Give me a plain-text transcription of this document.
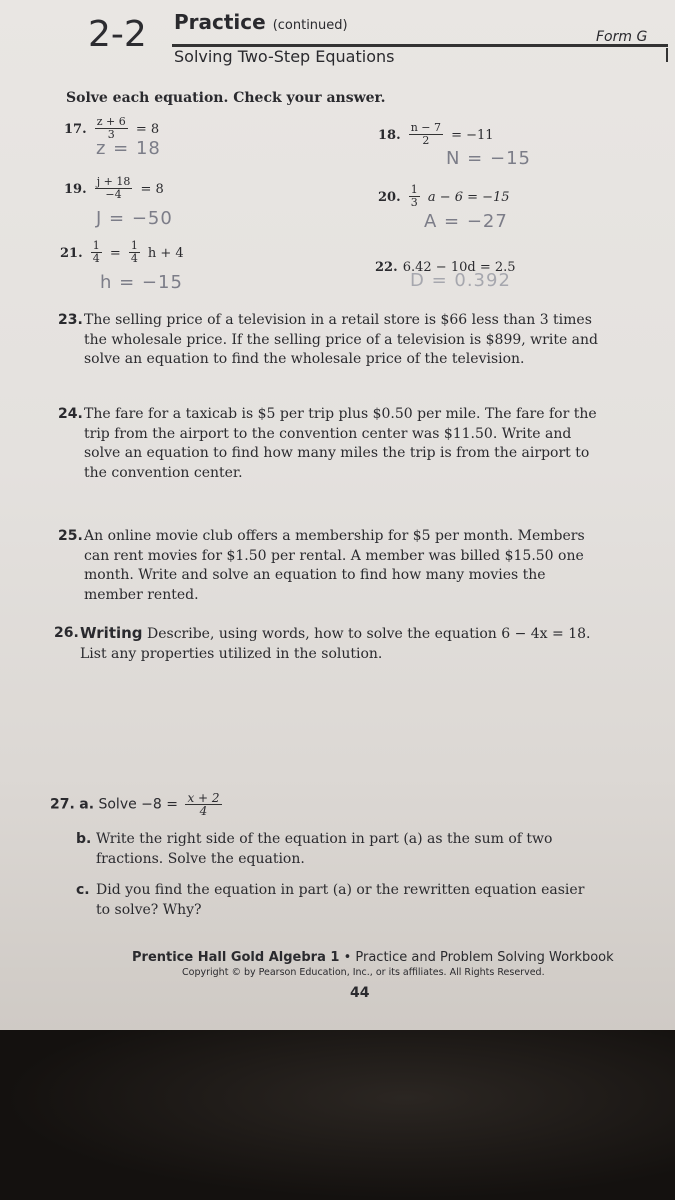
2-2 Practice (continued)
Solving Two-Step Equations
Form G
Solve each equation. Check your answer.
17. $\frac{z + 6}{3} = 8$
z = 18
18. $\frac{n - 7}{2} = -11$
N = −15
19. $\frac{j + 18}{-4} = 8$
J = −50
20. $\frac{1}{3}$ a − 6 = −15
A = −27
21. $\frac{1}{4} = \frac{1}{4}$ h + 4
h = −15
22. 6.42 − 10d = 2.5
D = 0.392
23. The selling price of a television in a retail store is $66 less than 3 times the wholesale price. If the selling price of a television is $899, write and solve an equation to find the wholesale price of the television.
24. The fare for a taxicab is $5 per trip plus $0.50 per mile. The fare for the trip from the airport to the convention center was $11.50. Write and solve an equation to find how many miles the trip is from the airport to the convention center.
25. An online movie club offers a membership for $5 per month. Members can rent movies for $1.50 per rental. A member was billed $15.50 one month. Write and solve an equation to find how many movies the member rented.
26. Writing Describe, using words, how to solve the equation 6 − 4x = 18. List any properties utilized in the solution.
27. a. Solve $-8 = \frac{x + 2}{4}$
b. Write the right side of the equation in part (a) as the sum of two fractions. Solve the equation.
c. Did you find the equation in part (a) or the rewritten equation easier to solve? Why?
Prentice Hall Gold Algebra 1 • Practice and Problem Solving Workbook
Copyright © by Pearson Education, Inc., or its affiliates. All Rights Reserved.
44
